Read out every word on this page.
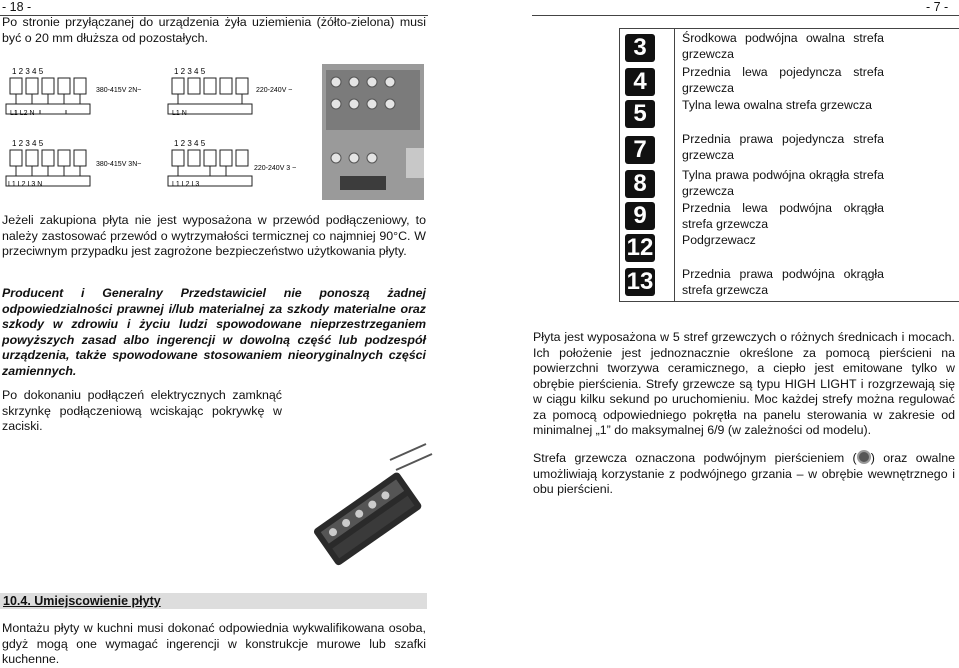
- 18 -

Po stronie przyłączanej do urządzenia żyła uziemienia (żółto-zielona) musi być o 20 mm dłuższa od pozostałych.

1 2 3 4 5
380-415V 2N~
L1 L2 N
1 2 3 4 5
220-240V ~
L1 N
1 2 3 4 5
380-415V 3N~
L1 L2 L3 N
1 2 3 4 5
220-240V 3 ~
L1 L2 L3

Jeżeli zakupiona płyta nie jest wyposażona w przewód podłączeniowy, to należy zastosować przewód o wytrzymałości termicznej co najmniej 90°C. W przeciwnym przypadku jest zagrożone bezpieczeństwo użytkowania płyty.

Producent i Generalny Przedstawiciel nie ponoszą żadnej odpowiedzialności prawnej i/lub materialnej za szkody materialne oraz szkody w zdrowiu i życiu ludzi spowodowane nieprzestrzeganiem powyższych zasad albo ingerencji w dowolną część lub podzespół urządzenia, także spowodowane stosowaniem nieoryginalnych części zamiennych.

Po dokonaniu podłączeń elektrycznych zamknąć skrzynkę podłączeniową wciskając pokrywkę w zaciski.

10.4. Umiejscowienie płyty

Montażu płyty w kuchni musi dokonać odpowiednia wykwalifikowana osoba, gdyż mogą one wymagać ingerencji w konstrukcje murowe lub szafki kuchenne.

- 7 -
3	Środkowa podwójna owalna strefa grzewcza
4	Przednia lewa pojedyncza strefa grzewcza
5	Tylna lewa owalna strefa grzewcza
7	Przednia prawa pojedyncza strefa grzewcza
8	Tylna prawa podwójna okrągła strefa grzewcza
9	Przednia lewa podwójna okrągła strefa grzewcza
12 Podgrzewacz
13 Przednia prawa podwójna okrągła strefa grzewcza

Płyta jest wyposażona w 5 stref grzewczych o różnych średnicach i mocach. Ich położenie jest jednoznacznie określone za pomocą pierścieni na powierzchni tworzywa ceramicznego, a ciepło jest emitowane tylko w obrębie pierścienia. Strefy grzewcze są typu HIGH LIGHT i rozgrzewają się w ciągu kilku sekund po uruchomieniu. Moc każdej strefy można regulować za pomocą odpowiedniego pokrętła na panelu sterowania w zakresie od minimalnej „1” do maksymalnej 6/9 (w zależności od modelu).

Strefa grzewcza oznaczona podwójnym pierścieniem ( ) oraz owalne umożliwiają korzystanie z podwójnego grzania – w obrębie wewnętrznego i obu pierścieni.
